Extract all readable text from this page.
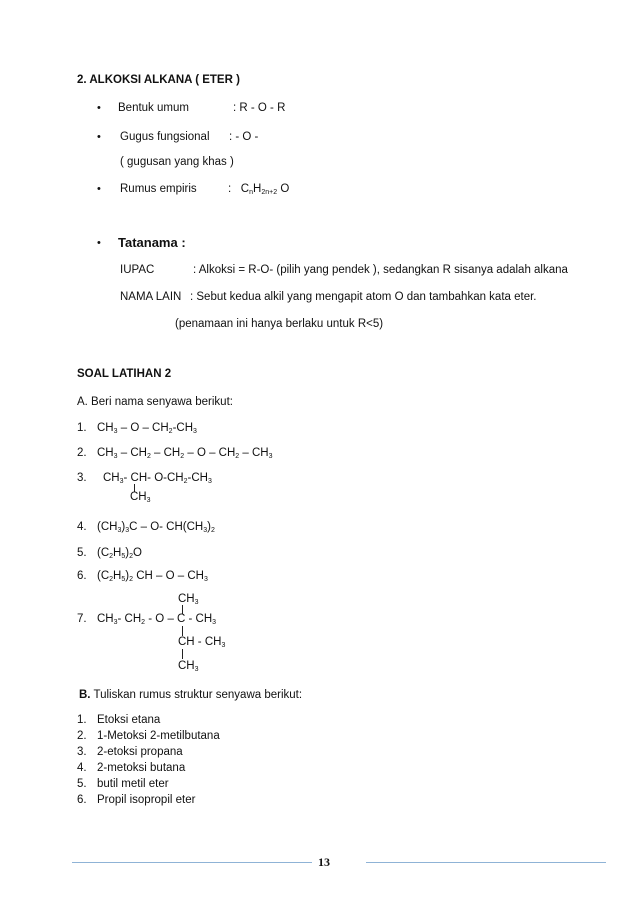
2. ALKOKSI ALKANA ( ETER )
• Bentuk umum	: R - O - R
• Gugus fungsional : - O -
( gugusan yang khas )
• Rumus empiris	: $C_nH_{2n+2}$ O
• Tatanama :
IUPAC	: Alkoksi = R-O- (pilih yang pendek ), sedangkan R sisanya adalah alkana
NAMA LAIN : Sebut kedua alkil yang mengapit atom O dan tambahkan kata eter.
(penamaan ini hanya berlaku untuk R<5)
SOAL LATIHAN 2
A. Beri nama senyawa berikut:
1. $CH_3$ – O – $CH_2-CH_3$
2. $CH_3 - CH_2 - CH_2$ – O – $CH_2 - CH_3$
3. $CH_3-$ CH- $O-CH_2-CH_3$
$CH_3$
4. $(CH_3)_3C - O-$ $CH(CH_3)_2$
5. $(C_2H_5)_2O$
6. $(C_2H_5)_2$ CH – O – $CH_3$
$CH_3$
7. $CH_3-$ $CH_2$ - O – C - $CH_3$
CH - $CH_3$
$CH_3$
B. Tuliskan rumus struktur senyawa berikut:
1. Etoksi etana
2. 1-Metoksi 2-metilbutana
3. 2-etoksi propana
4. 2-metoksi butana
5. butil metil eter
6. Propil isopropil eter
13
